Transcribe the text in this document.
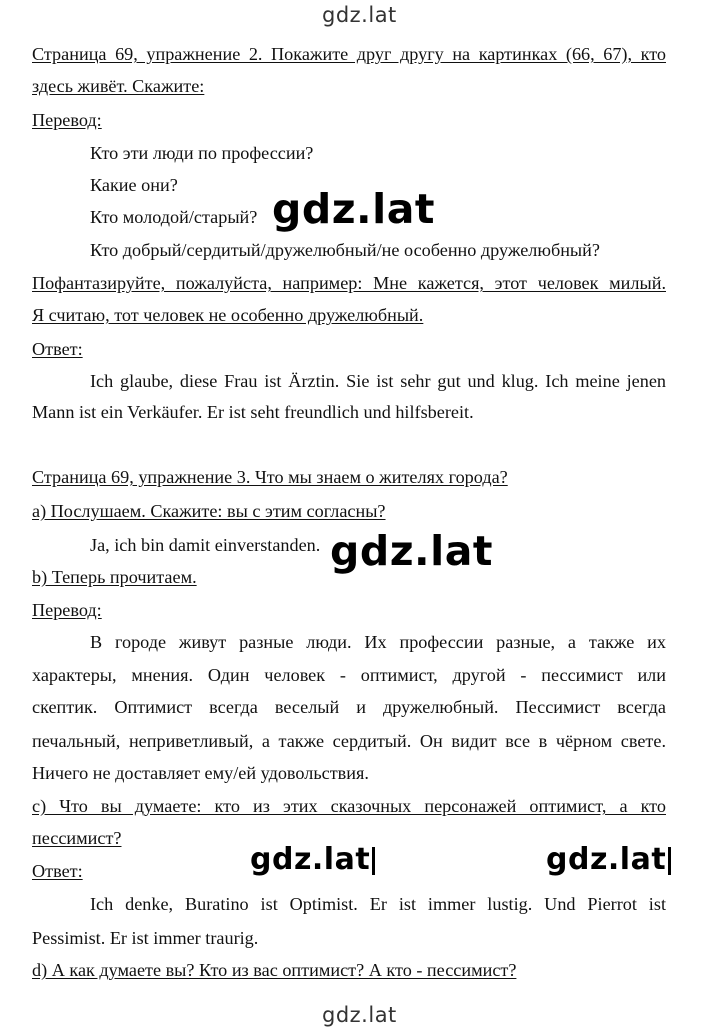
gdz.lat
gdz.lat
Страница 69, упражнение 2. Покажите друг другу на картинках (66, 67), кто
здесь живёт. Скажите:
Перевод:
Кто эти люди по профессии?
Какие они?
Кто молодой/старый?
Кто добрый/сердитый/дружелюбный/не особенно дружелюбный?
Пофантазируйте, пожалуйста, например: Мне кажется, этот человек милый.
Я считаю, тот человек не особенно дружелюбный.
Ответ:
Ich glaube, diese Frau ist Ärztin. Sie ist sehr gut und klug. Ich meine jenen
Mann ist ein Verkäufer. Er ist seht freundlich und hilfsbereit.
gdz.lat
Страница 69, упражнение 3. Что мы знаем о жителях города?
a) Послушаем. Скажите: вы с этим согласны?
Ja, ich bin damit einverstanden.
b) Теперь прочитаем.
Перевод:
В городе живут разные люди. Их профессии разные, а также их
характеры, мнения. Один человек - оптимист, другой - пессимист или
скептик. Оптимист всегда веселый и дружелюбный. Пессимист всегда
печальный, неприветливый, а также сердитый. Он видит все в чёрном свете.
Ничего не доставляет ему/ей удовольствия.
c) Что вы думаете: кто из этих сказочных персонажей оптимист, а кто
пессимист?
Ответ:
Ich denke, Buratino ist Optimist. Er ist immer lustig. Und Pierrot ist
Pessimist. Er ist immer traurig.
d) А как думаете вы? Кто из вас оптимист? А кто - пессимист?
gdz.lat
gdz.lat	gdz.lat
